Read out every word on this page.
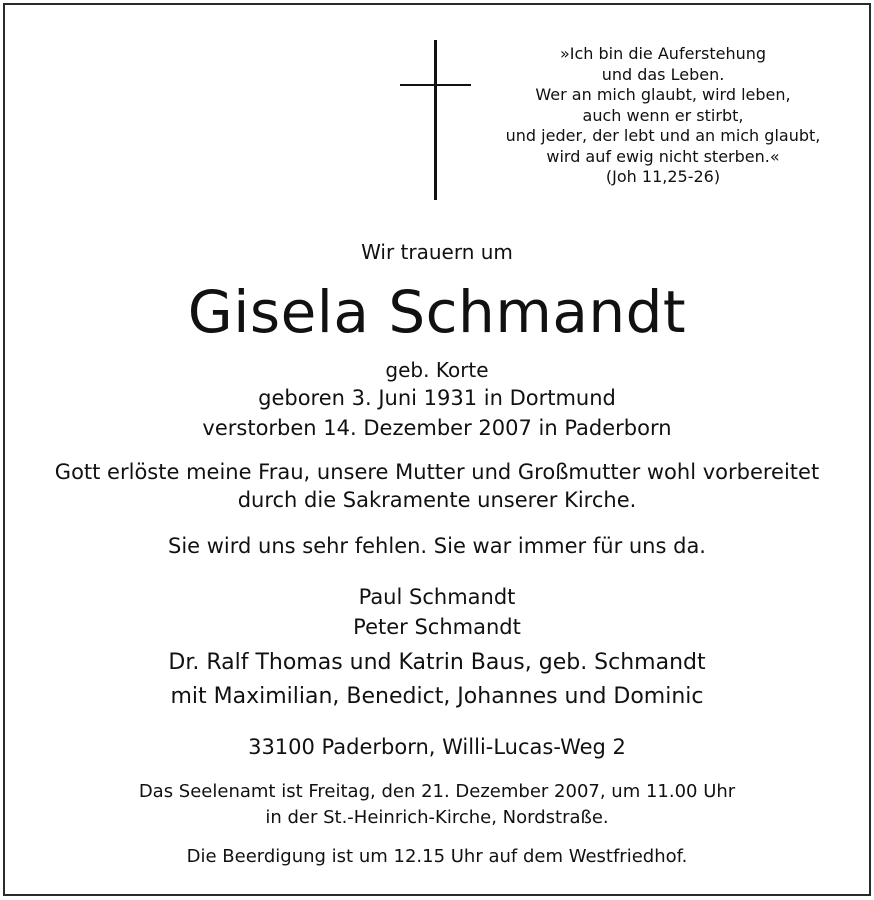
»Ich bin die Auferstehung
und das Leben.
Wer an mich glaubt, wird leben,
auch wenn er stirbt,
und jeder, der lebt und an mich glaubt,
wird auf ewig nicht sterben.«
(Joh 11,25-26)
Wir trauern um
Gisela Schmandt
geb. Korte
geboren 3. Juni 1931 in Dortmund
verstorben 14. Dezember 2007 in Paderborn
Gott erlöste meine Frau, unsere Mutter und Großmutter wohl vorbereitet
durch die Sakramente unserer Kirche.
Sie wird uns sehr fehlen. Sie war immer für uns da.
Paul Schmandt
Peter Schmandt
Dr. Ralf Thomas und Katrin Baus, geb. Schmandt
mit Maximilian, Benedict, Johannes und Dominic
33100 Paderborn, Willi-Lucas-Weg 2
Das Seelenamt ist Freitag, den 21. Dezember 2007, um 11.00 Uhr
in der St.-Heinrich-Kirche, Nordstraße.
Die Beerdigung ist um 12.15 Uhr auf dem Westfriedhof.
